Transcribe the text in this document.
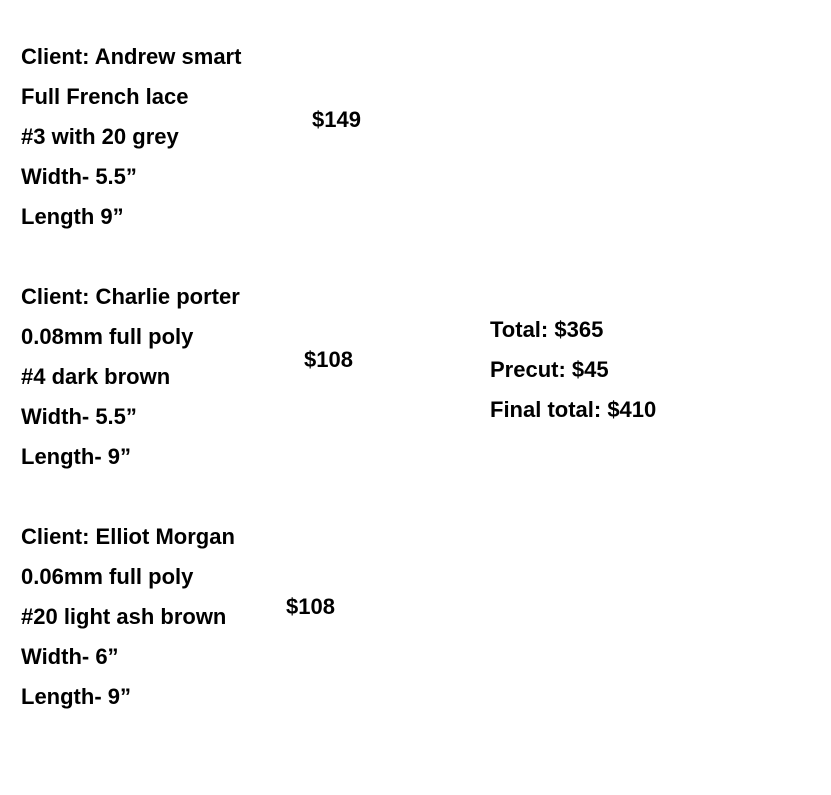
Client: Andrew smart
Full French lace
#3 with 20 grey
Width- 5.5”
Length 9”
$149
Client: Charlie porter
0.08mm full poly
#4 dark brown
Width- 5.5”
Length- 9”
$108
Client: Elliot Morgan
0.06mm full poly
#20 light ash brown
Width- 6”
Length- 9”
$108
Total: $365
Precut: $45
Final total: $410
